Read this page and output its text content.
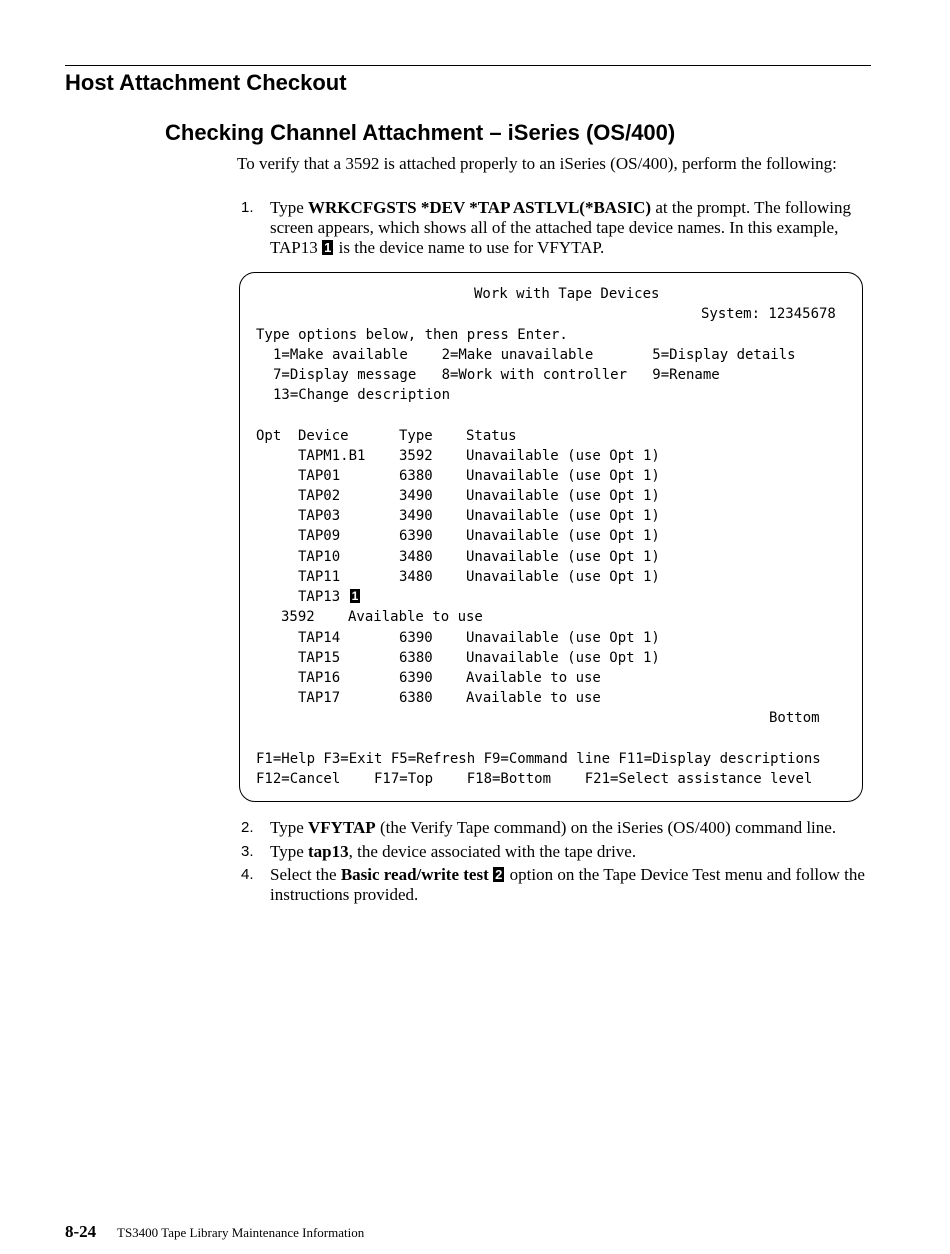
Host Attachment Checkout
Checking Channel Attachment – iSeries (OS/400)
To verify that a 3592 is attached properly to an iSeries (OS/400), perform the following:
1. Type WRKCFGSTS *DEV *TAP ASTLVL(*BASIC) at the prompt. The following screen appears, which shows all of the attached tape device names. In this example, TAP13  1 is the device name to use for VFYTAP.
Work with Tape Devices
System: 12345678
Type options below, then press Enter.
1=Make available    2=Make unavailable       5=Display details
7=Display message   8=Work with controller   9=Rename
13=Change description
Opt Device	Type Status
TAPM1.B1 3592 Unavailable (use Opt 1)
TAP01	6380 Unavailable (use Opt 1)
TAP02	3490 Unavailable (use Opt 1)
TAP03	3490 Unavailable (use Opt 1)
TAP09	6390 Unavailable (use Opt 1)
TAP10	3480 Unavailable (use Opt 1)
TAP11	3480 Unavailable (use Opt 1)
TAP13 1
3592 Available to use
TAP14	6390 Unavailable (use Opt 1)
TAP15	6380 Unavailable (use Opt 1)
TAP16	6390 Available to use
TAP17	6380 Available to use
Bottom
F1=Help F3=Exit F5=Refresh F9=Command line F11=Display descriptions
F12=Cancel    F17=Top    F18=Bottom    F21=Select assistance level
2. Type VFYTAP (the Verify Tape command) on the iSeries (OS/400) command line.
3. Type tap13, the device associated with the tape drive.
4. Select the Basic read/write test  2 option on the Tape Device Test menu and follow the instructions provided.
8-24 TS3400 Tape Library Maintenance Information
